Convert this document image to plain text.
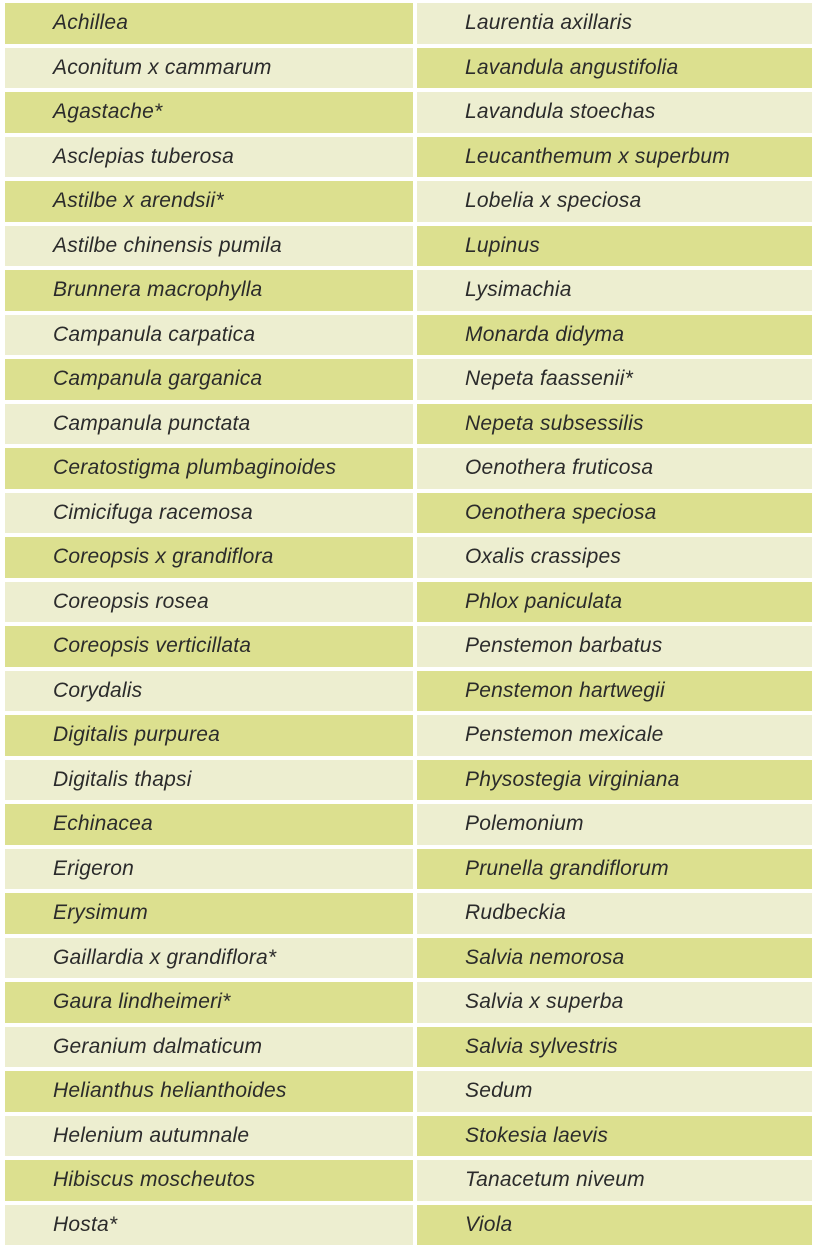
Achillea	Laurentia axillaris
Aconitum x cammarum	Lavandula angustifolia
Agastache*	Lavandula stoechas
Asclepias tuberosa	Leucanthemum x superbum
Astilbe x arendsii*	Lobelia x speciosa
Astilbe chinensis pumila	Lupinus
Brunnera macrophylla	Lysimachia
Campanula carpatica	Monarda didyma
Campanula garganica	Nepeta faassenii*
Campanula punctata	Nepeta subsessilis
Ceratostigma plumbaginoides	Oenothera fruticosa
Cimicifuga racemosa	Oenothera speciosa
Coreopsis x grandiflora	Oxalis crassipes
Coreopsis rosea	Phlox paniculata
Coreopsis verticillata	Penstemon barbatus
Corydalis	Penstemon hartwegii
Digitalis purpurea	Penstemon mexicale
Digitalis thapsi	Physostegia virginiana
Echinacea	Polemonium
Erigeron	Prunella grandiflorum
Erysimum	Rudbeckia
Gaillardia x grandiflora*	Salvia nemorosa
Gaura lindheimeri*	Salvia x superba
Geranium dalmaticum	Salvia sylvestris
Helianthus helianthoides	Sedum
Helenium autumnale	Stokesia laevis
Hibiscus moscheutos	Tanacetum niveum
Hosta*	Viola
